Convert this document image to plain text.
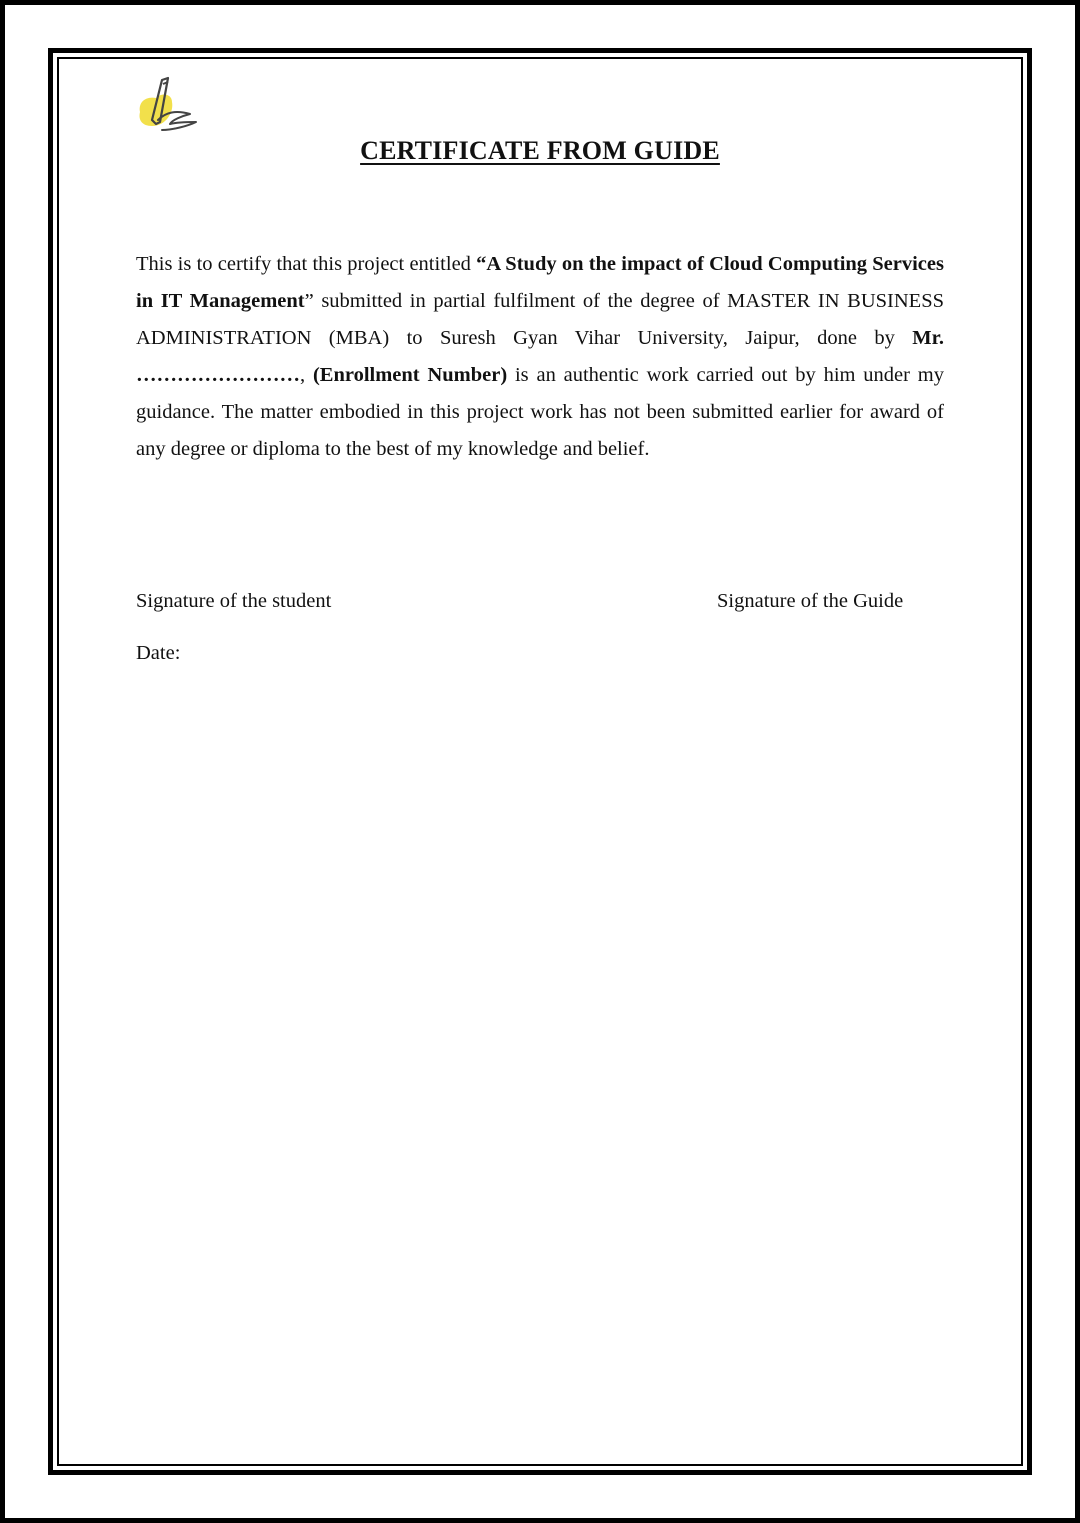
CERTIFICATE FROM GUIDE

This is to certify that this project entitled “A Study on the impact of Cloud Computing Services in IT Management” submitted in partial fulfilment of the degree of MASTER IN BUSINESS ADMINISTRATION (MBA) to Suresh Gyan Vihar University, Jaipur, done by Mr. ……………………, (Enrollment Number) is an authentic work carried out by him under my guidance. The matter embodied in this project work has not been submitted earlier for award of any degree or diploma to the best of my knowledge and belief.

Signature of the student	Signature of the Guide
Date:
